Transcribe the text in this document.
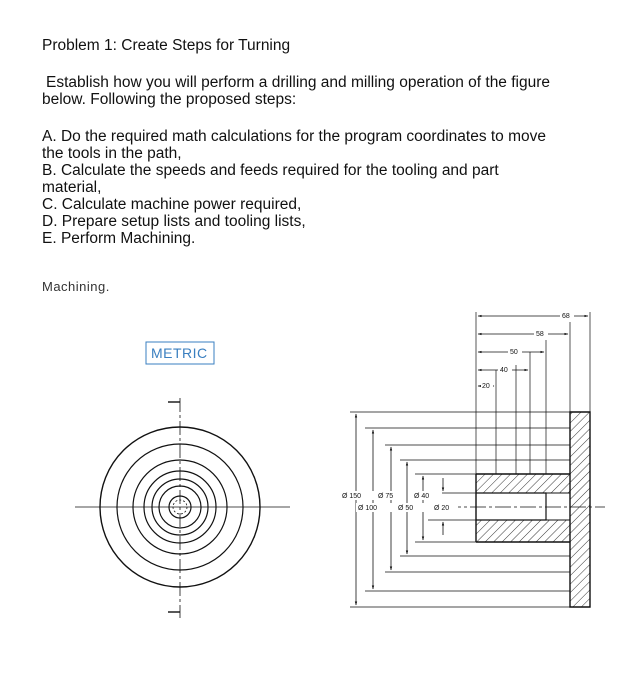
Problem 1: Create Steps for Turning
Establish how you will perform a drilling and milling operation of the figure
below. Following the proposed steps:
A. Do the required math calculations for the program coordinates to move
the tools in the path,
B. Calculate the speeds and feeds required for the tooling and part
material,
C. Calculate machine power required,
D. Prepare setup lists and tooling lists,
E. Perform Machining.
Machining.
METRIC
Ø 150
Ø 100
Ø 75
Ø 50
Ø 40
Ø 20
68
58
50
40
20
